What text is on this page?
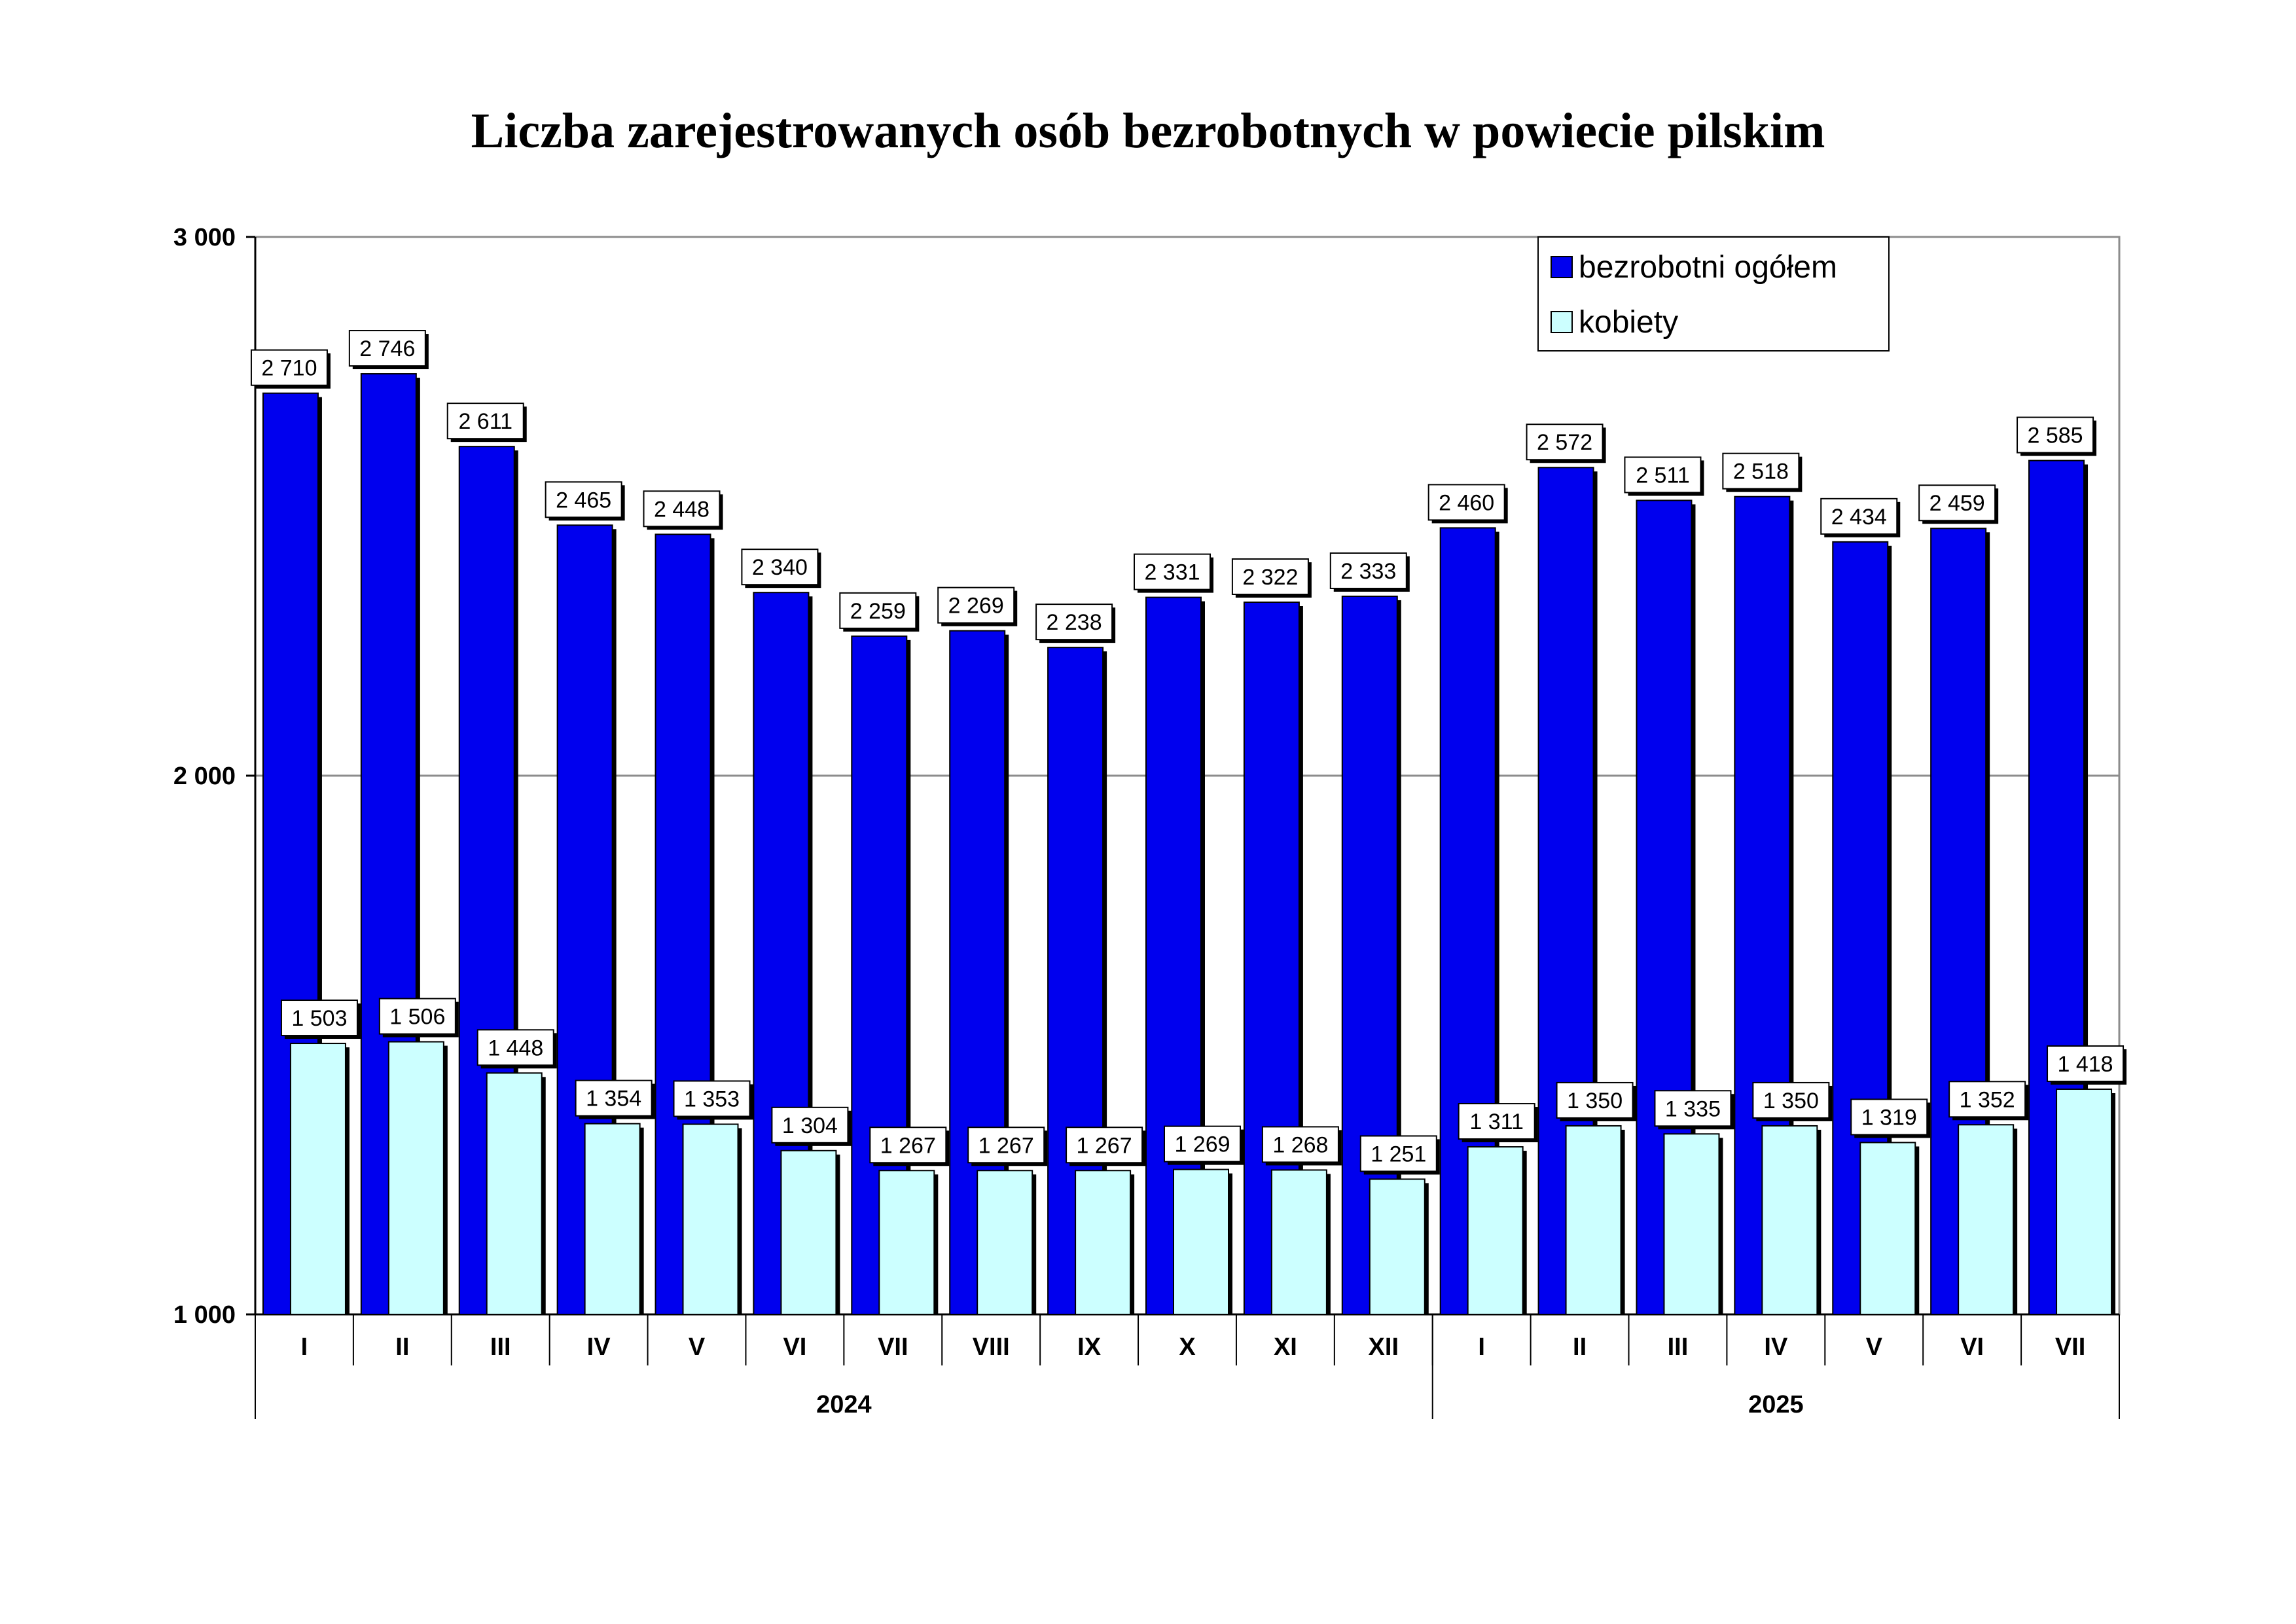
Liczba zarejestrowanych osób bezrobotnych w powiecie pilskim
1 000
2 000
3 000
I	II	III	IV	V	VI	VII	VIII	IX	X	XI	XII	I	II	III	IV	V	VI	VII
2024	2025
2 710
1 503
2 746
1 506
2 611
1 448
2 465
1 354
2 448
1 353
2 340
1 304
2 259
1 267
2 269
1 267
2 238
1 267
2 331
1 269
2 322
1 268
2 333
1 251
2 460
1 311
2 572
1 350
2 511
1 335
2 518
1 350
2 434
1 319
2 459
1 352
2 585
1 418
bezrobotni ogółem
kobiety
